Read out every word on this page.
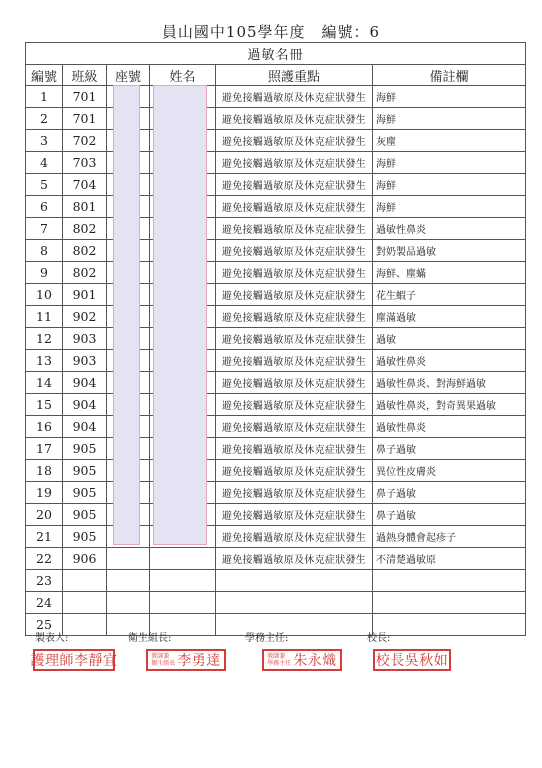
員山國中105學年度　編號：6
過敏名冊					
編號	班級	座號	姓名	照護重點	備註欄
1	701			避免接觸過敏原及休克症狀發生	海鮮
2	701			避免接觸過敏原及休克症狀發生	海鮮
3	702			避免接觸過敏原及休克症狀發生	灰塵
4	703			避免接觸過敏原及休克症狀發生	海鮮
5	704			避免接觸過敏原及休克症狀發生	海鮮
6	801			避免接觸過敏原及休克症狀發生	海鮮
7	802			避免接觸過敏原及休克症狀發生	過敏性鼻炎
8	802			避免接觸過敏原及休克症狀發生	對奶製品過敏
9	802			避免接觸過敏原及休克症狀發生	海鮮、塵蟎
10	901			避免接觸過敏原及休克症狀發生	花生蝦子
11	902			避免接觸過敏原及休克症狀發生	塵滿過敏
12	903			避免接觸過敏原及休克症狀發生	過敏
13	903			避免接觸過敏原及休克症狀發生	過敏性鼻炎
14	904			避免接觸過敏原及休克症狀發生	過敏性鼻炎、對海鮮過敏
15	904			避免接觸過敏原及休克症狀發生	過敏性鼻炎，對奇異果過敏
16	904			避免接觸過敏原及休克症狀發生	過敏性鼻炎
17	905			避免接觸過敏原及休克症狀發生	鼻子過敏
18	905			避免接觸過敏原及休克症狀發生	異位性皮膚炎
19	905			避免接觸過敏原及休克症狀發生	鼻子過敏
20	905			避免接觸過敏原及休克症狀發生	鼻子過敏
21	905			避免接觸過敏原及休克症狀發生	過熱身體會起疹子
22	906			避免接觸過敏原及休克症狀發生	不清楚過敏原
23					
24					
25					
製表人:	衛生組長:	學務主任:	校長:
護理師李靜宜	教師兼
衛生組長 李勇達	教師兼
學務主任 朱永熾	校長吳秋如
